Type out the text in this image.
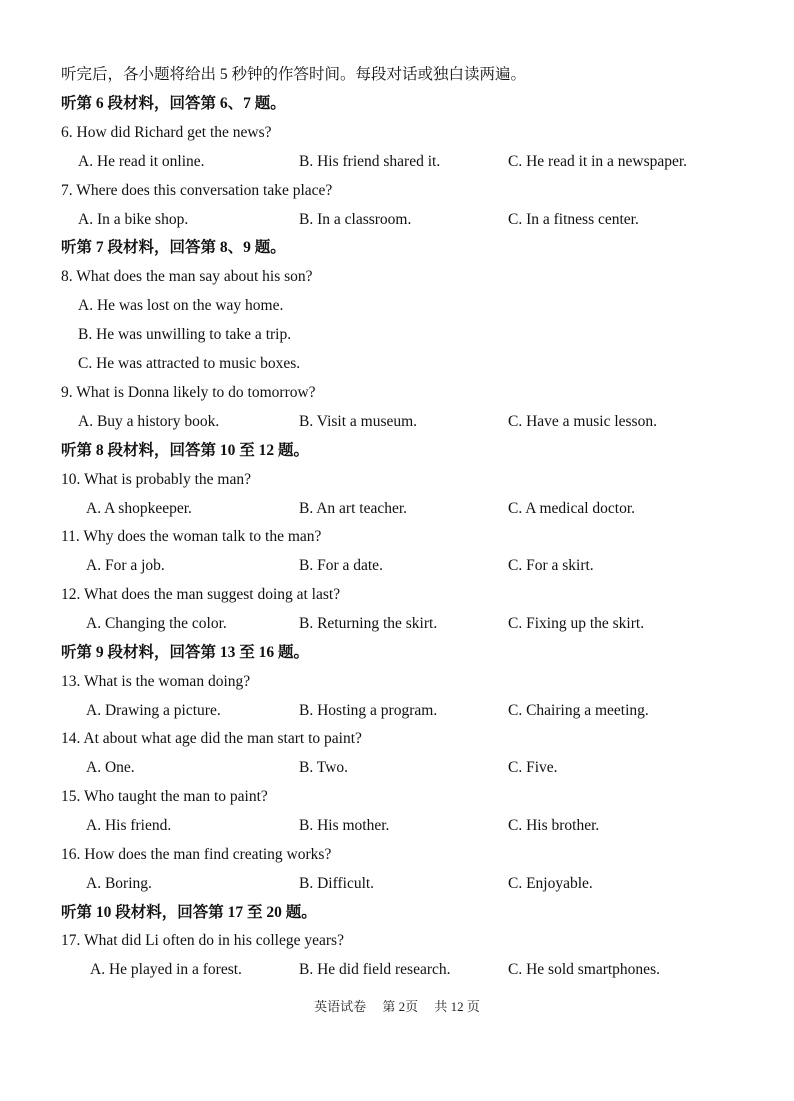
听完后，各小题将给出 5 秒钟的作答时间。每段对话或独白读两遍。
听第 6 段材料，回答第 6、7 题。
6. How did Richard get the news?
A. He read it online.	B. His friend shared it.	C. He read it in a newspaper.
7. Where does this conversation take place?
A. In a bike shop.	B. In a classroom.	C. In a fitness center.
听第 7 段材料，回答第 8、9 题。
8. What does the man say about his son?
A. He was lost on the way home.
B. He was unwilling to take a trip.
C. He was attracted to music boxes.
9. What is Donna likely to do tomorrow?
A. Buy a history book.	B. Visit a museum.	C. Have a music lesson.
听第 8 段材料，回答第 10 至 12 题。
10. What is probably the man?
A. A shopkeeper.	B. An art teacher.	C. A medical doctor.
11. Why does the woman talk to the man?
A. For a job.	B. For a date.	C. For a skirt.
12. What does the man suggest doing at last?
A. Changing the color.	B. Returning the skirt.	C. Fixing up the skirt.
听第 9 段材料，回答第 13 至 16 题。
13. What is the woman doing?
A. Drawing a picture.	B. Hosting a program.	C. Chairing a meeting.
14. At about what age did the man start to paint?
A. One.	B. Two.	C. Five.
15. Who taught the man to paint?
A. His friend.	B. His mother.	C. His brother.
16. How does the man find creating works?
A. Boring.	B. Difficult.	C. Enjoyable.
听第 10 段材料，回答第 17 至 20 题。
17. What did Li often do in his college years?
A. He played in a forest.	B. He did field research.	C. He sold smartphones.
英语试卷　 第 2页　 共 12 页
